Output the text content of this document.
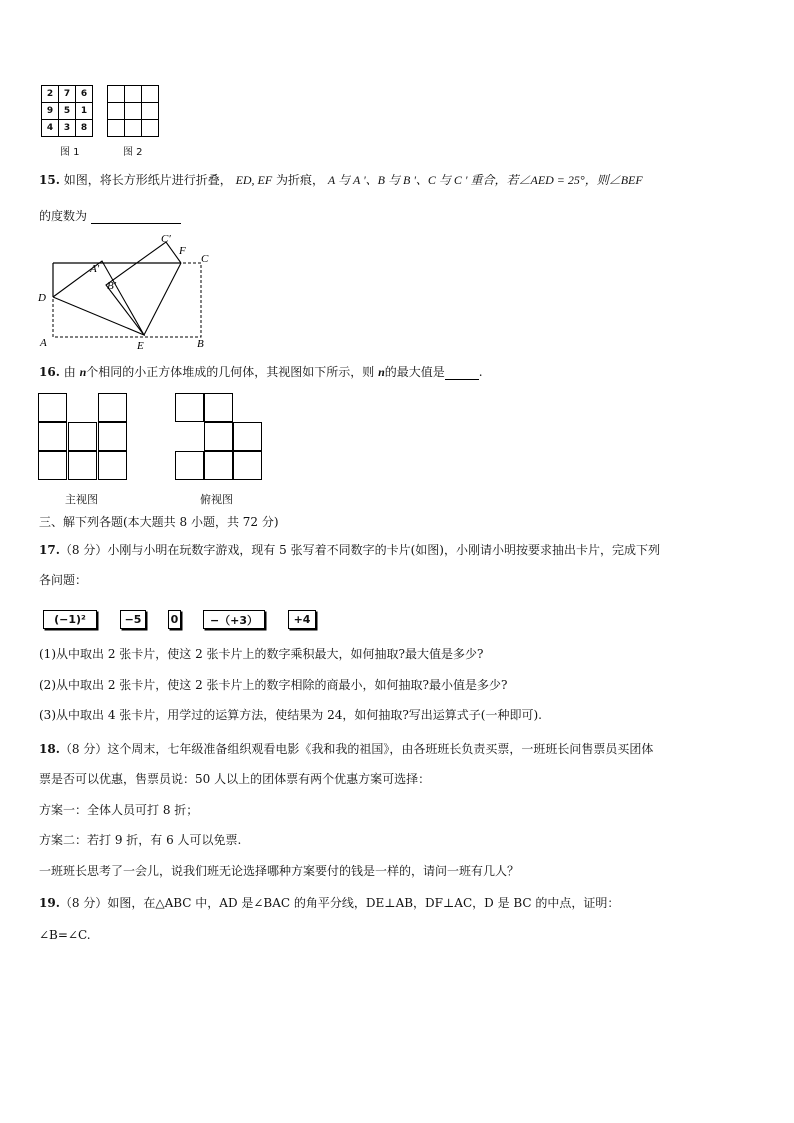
2	7	6
9	5	1
4	3	8
图 1	图 2
15. 如图，将长方形纸片进行折叠， ED, EF 为折痕， A 与 A '、B 与 B '、C 与 C ' 重合，若∠AED = 25°，则∠BEF
的度数为
D
A	E	B
C
F
C′
A′
B′
16. 由 n个相同的小正方体堆成的几何体，其视图如下所示，则 n的最大值是	.
主视图	俯视图
三、解下列各题(本大题共 8 小题，共 72 分)
17.（8 分）小刚与小明在玩数字游戏，现有 5 张写着不同数字的卡片(如图)，小刚请小明按要求抽出卡片，完成下列
各问题：
(−1)²	−5	0	−（+3）	+4
(1)从中取出 2 张卡片，使这 2 张卡片上的数字乘积最大，如何抽取?最大值是多少?
(2)从中取出 2 张卡片，使这 2 张卡片上的数字相除的商最小，如何抽取?最小值是多少?
(3)从中取出 4 张卡片，用学过的运算方法，使结果为 24，如何抽取?写出运算式子(一种即可).
18.（8 分）这个周末，七年级准备组织观看电影《我和我的祖国》，由各班班长负责买票，一班班长问售票员买团体
票是否可以优惠，售票员说：50 人以上的团体票有两个优惠方案可选择：
方案一：全体人员可打 8 折；
方案二：若打 9 折，有 6 人可以免票.
一班班长思考了一会儿，说我们班无论选择哪种方案要付的钱是一样的，请问一班有几人？
19.（8 分）如图，在△ABC 中，AD 是∠BAC 的角平分线，DE⊥AB，DF⊥AC，D 是 BC 的中点，证明：
∠B=∠C.
